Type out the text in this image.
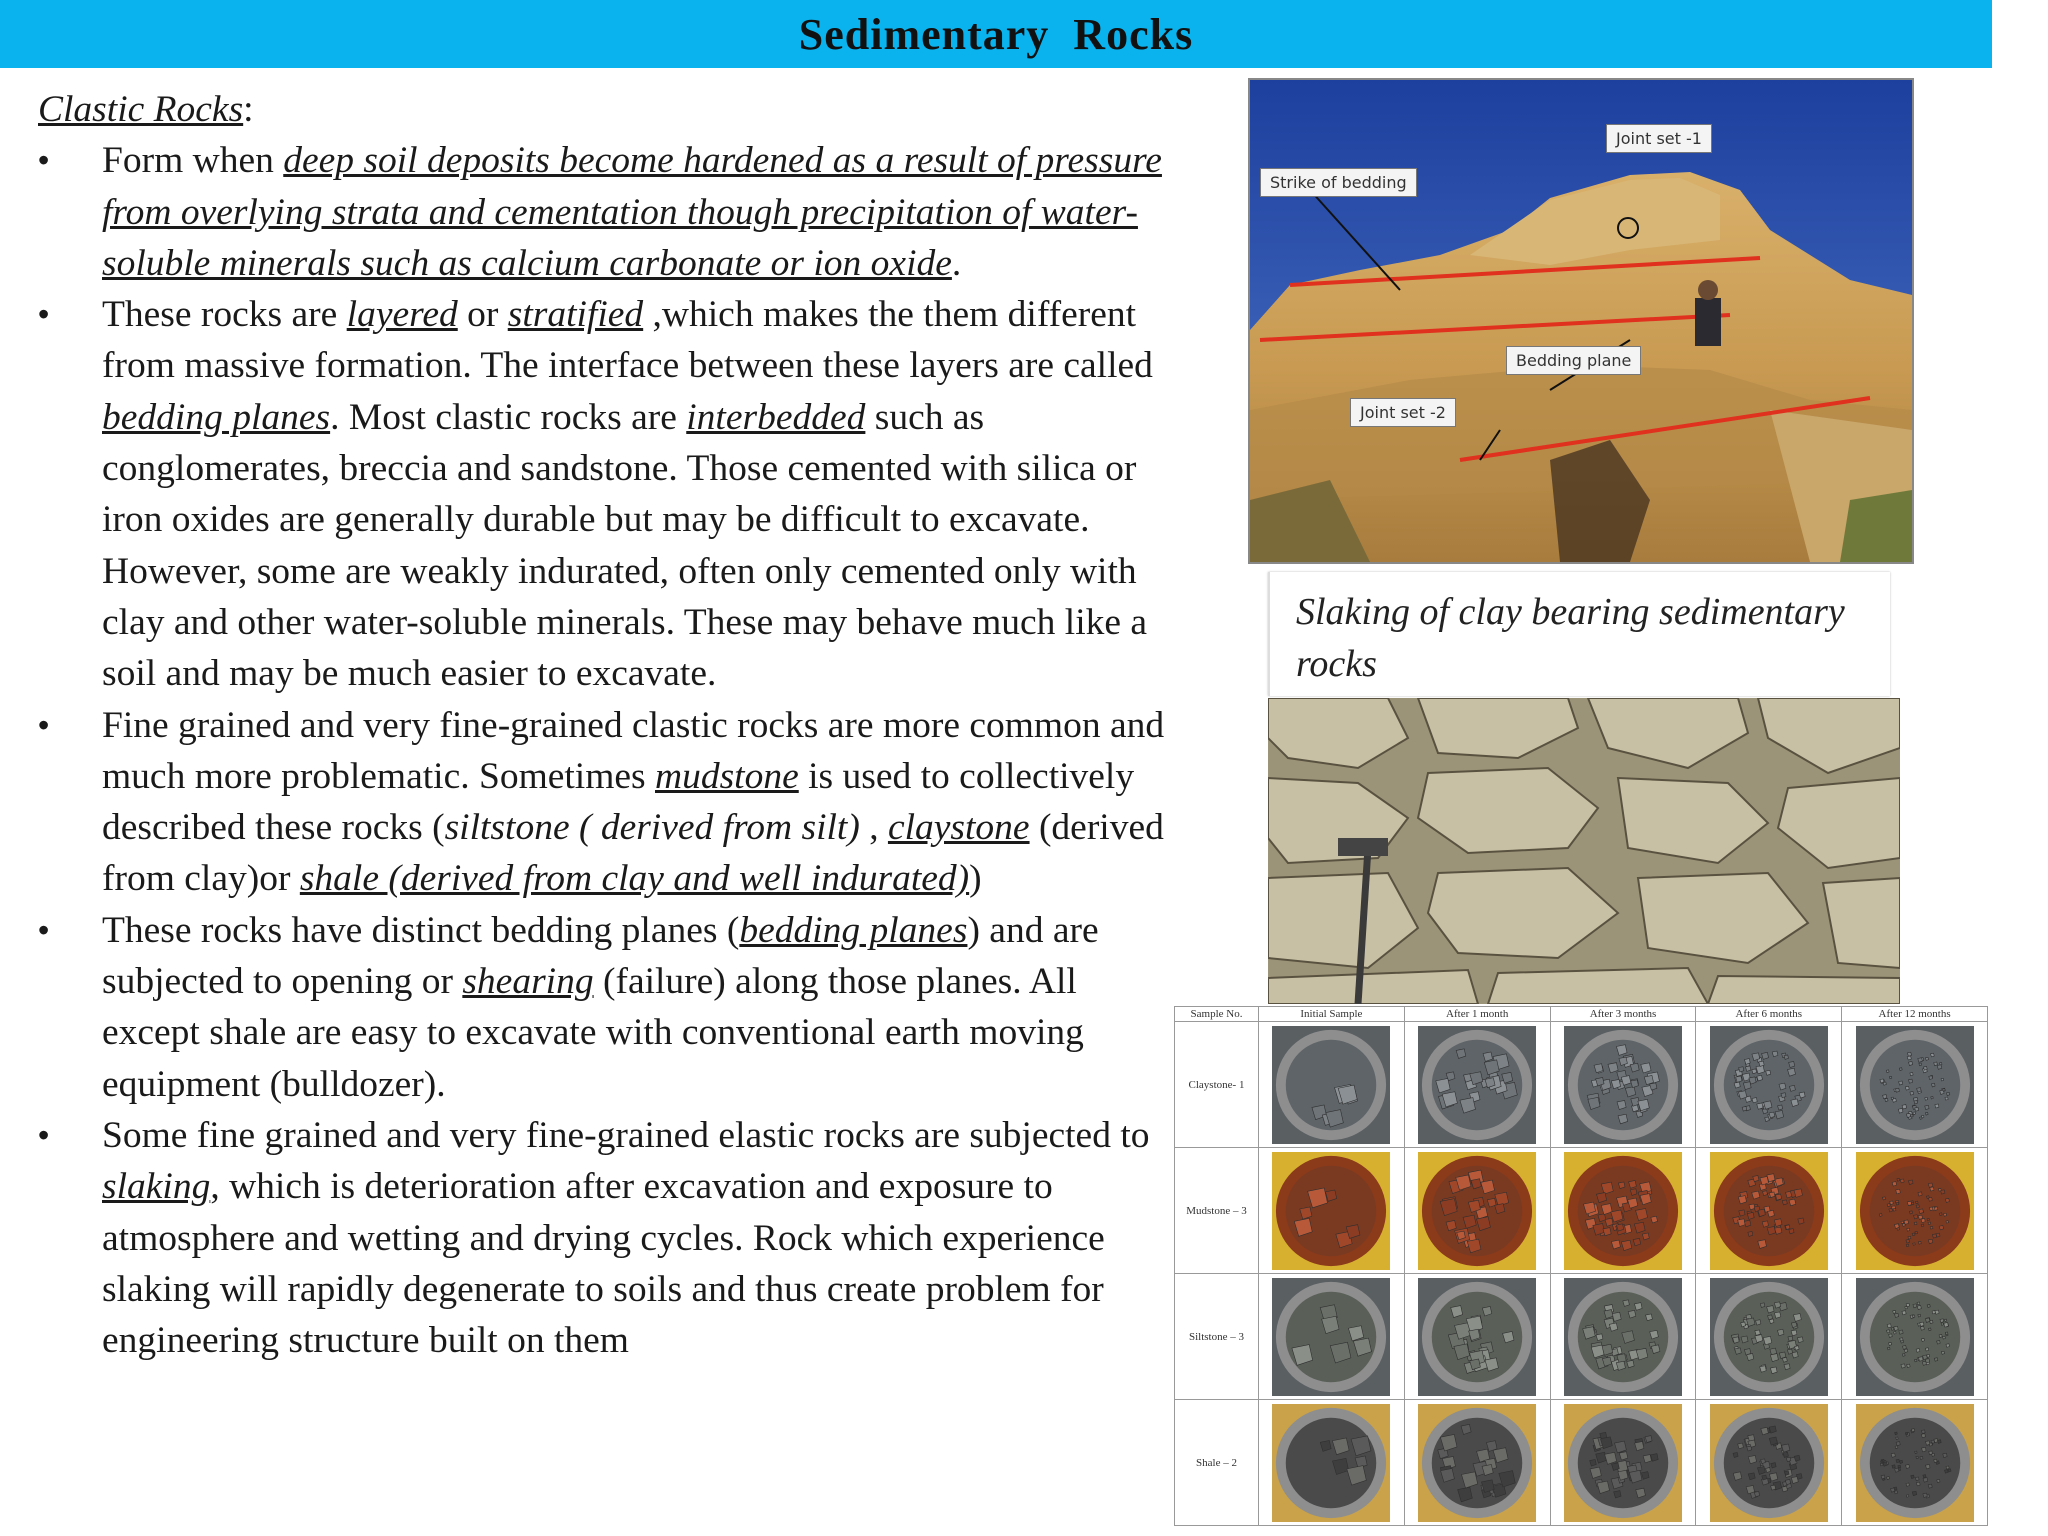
Sedimentary  Rocks
Clastic Rocks:
• Form when deep soil deposits become hardened as a result of pressure from overlying strata and cementation though precipitation of water-soluble minerals such as calcium carbonate or ion oxide.
• These rocks are layered or stratified ,which makes the them different from massive formation. The interface between these layers are called bedding planes. Most clastic rocks are interbedded such as conglomerates, breccia and sandstone. Those cemented with silica or iron oxides are generally durable but may be difficult to excavate. However, some are weakly indurated, often only cemented only with clay and other water-soluble minerals. These may behave much like a soil and may be much easier to excavate.
• Fine grained and very fine-grained clastic rocks are more common and much more problematic. Sometimes mudstone is used to collectively described these rocks (siltstone ( derived from silt) , claystone (derived from clay)or shale (derived from clay and well indurated))
• These rocks have distinct bedding planes (bedding planes) and are subjected to opening or shearing (failure) along those planes. All except shale are easy to excavate with conventional earth moving equipment (bulldozer).
• Some fine grained and very fine-grained elastic rocks are subjected to slaking, which is deterioration after excavation and exposure to atmosphere and wetting and drying cycles. Rock which experience slaking will rapidly degenerate to soils and thus create problem for engineering structure built on them
Joint set -1
Strike of bedding
Bedding plane
Joint set -2

Slaking of clay bearing sedimentary rocks

Sample No.	Initial Sample	After 1 month	After 3 months	After 6 months	After 12 months
Claystone- 1	

Mudstone – 3	

Siltstone – 3	

Shale – 2	
